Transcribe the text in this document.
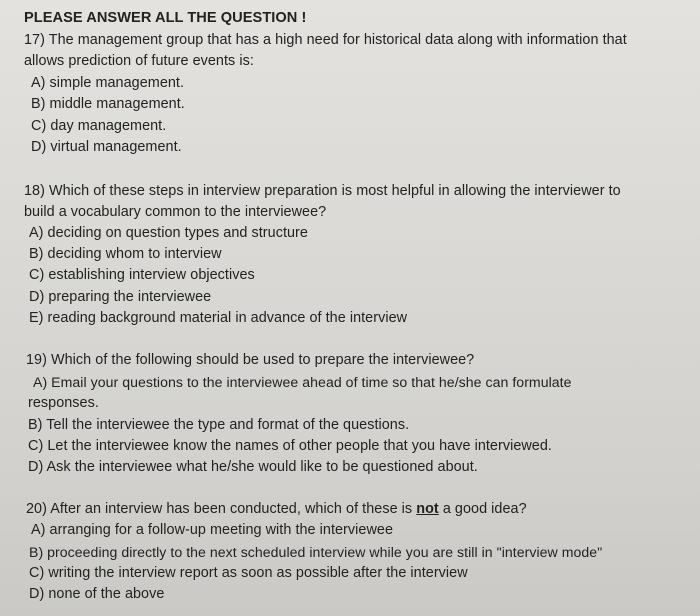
PLEASE ANSWER ALL THE QUESTION !
17) The management group that has a high need for historical data along with information that
allows prediction of future events is:
A) simple management.
B) middle management.
C) day management.
D) virtual management.
18) Which of these steps in interview preparation is most helpful in allowing the interviewer to
build a vocabulary common to the interviewee?
A) deciding on question types and structure
B) deciding whom to interview
C) establishing interview objectives
D) preparing the interviewee
E) reading background material in advance of the interview
19) Which of the following should be used to prepare the interviewee?
A) Email your questions to the interviewee ahead of time so that he/she can formulate
responses.
B) Tell the interviewee the type and format of the questions.
C) Let the interviewee know the names of other people that you have interviewed.
D) Ask the interviewee what he/she would like to be questioned about.
20) After an interview has been conducted, which of these is not a good idea?
A) arranging for a follow-up meeting with the interviewee
B) proceeding directly to the next scheduled interview while you are still in "interview mode"
C) writing the interview report as soon as possible after the interview
D) none of the above
